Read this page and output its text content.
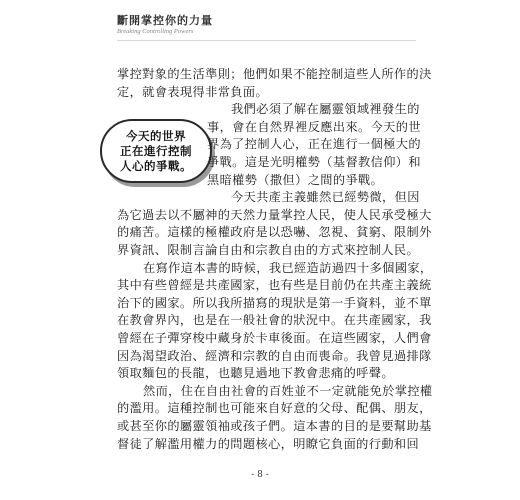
斷開掌控你的力量
Breaking Controlling Powers
今天的世界
正在進行控制
人心的爭戰。
掌控對象的生活準則；他們如果不能控制這些人所作的決
定，就會表現得非常負面。
我們必須了解在屬靈領域裡發生的
事，會在自然界裡反應出來。今天的世
界為了控制人心，正在進行一個極大的
爭戰。這是光明權勢（基督教信仰）和
黑暗權勢（撒但）之間的爭戰。
今天共產主義雖然已經勢微，但因
為它過去以不屬神的天然力量掌控人民，使人民承受極大
的痛苦。這樣的極權政府是以恐嚇、忽視、貧窮、限制外
界資訊、限制言論自由和宗教自由的方式來控制人民。
在寫作這本書的時候，我已經造訪過四十多個國家，
其中有些曾經是共產國家，也有些是目前仍在共產主義統
治下的國家。所以我所描寫的現狀是第一手資料，並不單
在教會界內，也是在一般社會的狀況中。在共產國家，我
曾經在子彈穿梭中藏身於卡車後面。在這些國家，人們會
因為渴望政治、經濟和宗教的自由而喪命。我曾見過排隊
領取麵包的長龍，也聽見過地下教會悲痛的呼聲。
然而，住在自由社會的百姓並不一定就能免於掌控權
的濫用。這種控制也可能來自好意的父母、配偶、朋友，
或甚至你的屬靈領袖或孩子們。這本書的目的是要幫助基
督徒了解濫用權力的問題核心，明瞭它負面的行動和回
- 8 -
